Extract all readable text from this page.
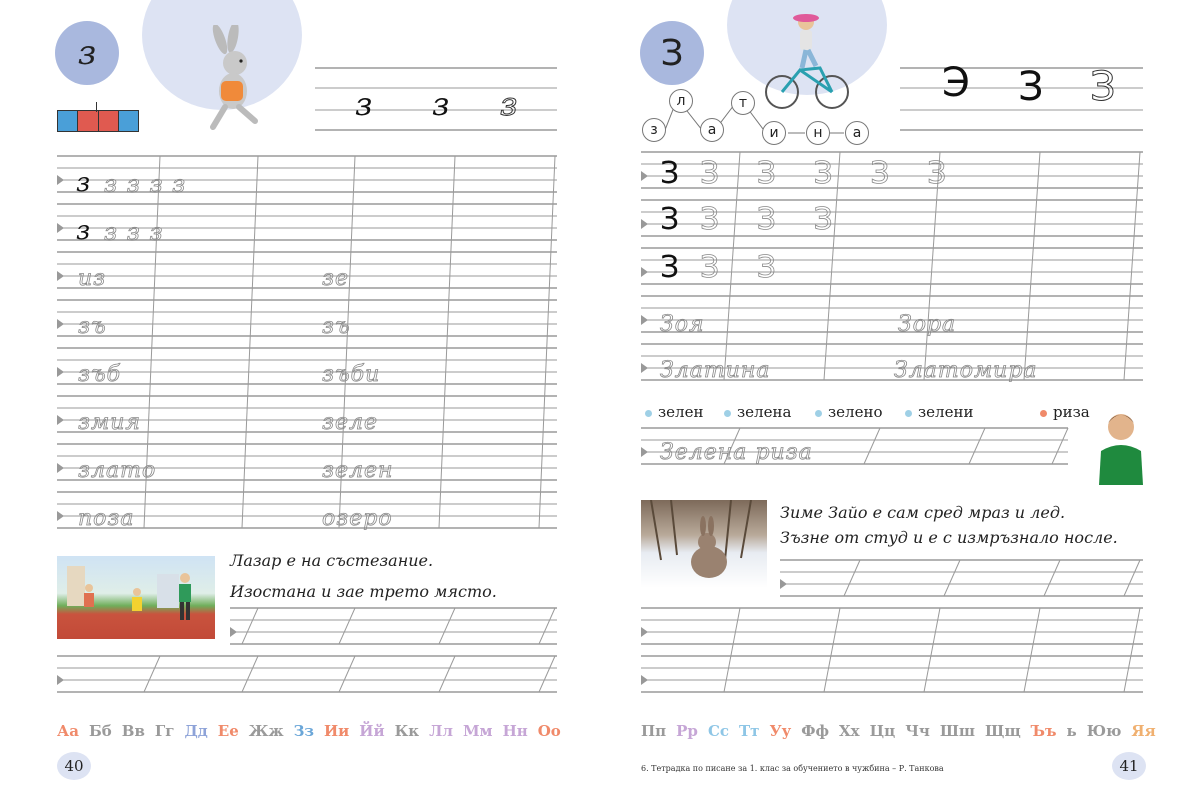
з
з з з
з з з з з
з з з з
из	зе
зъ	зъ
зъб	зъби
змия	зеле
злато	зелен
поза	озеро
Лазар е на състезание.
Изостана и зае трето място.
Аа Бб Вв Гг Дд Ее Жж Зз Ии Йй Кк Лл Мм Нн Оо
40
З
з
л
а
т
и	н	а
Э З З
З З З З З З
З З З З
З З З
Зоя	Зора
Златина	Златомира
зелен	зелена	зелено	зелени	риза
Зелена риза
Зиме Зайо е сам сред мраз и лед.
Зъзне от студ и е с измръзнало носле.
Пп Рр Сс Тт Уу Фф Хх Цц Чч Шш Щщ Ъъ ь Юю Яя
6. Тетрадка по писане за 1. клас за обучението в чужбина – Р. Танкова	41
